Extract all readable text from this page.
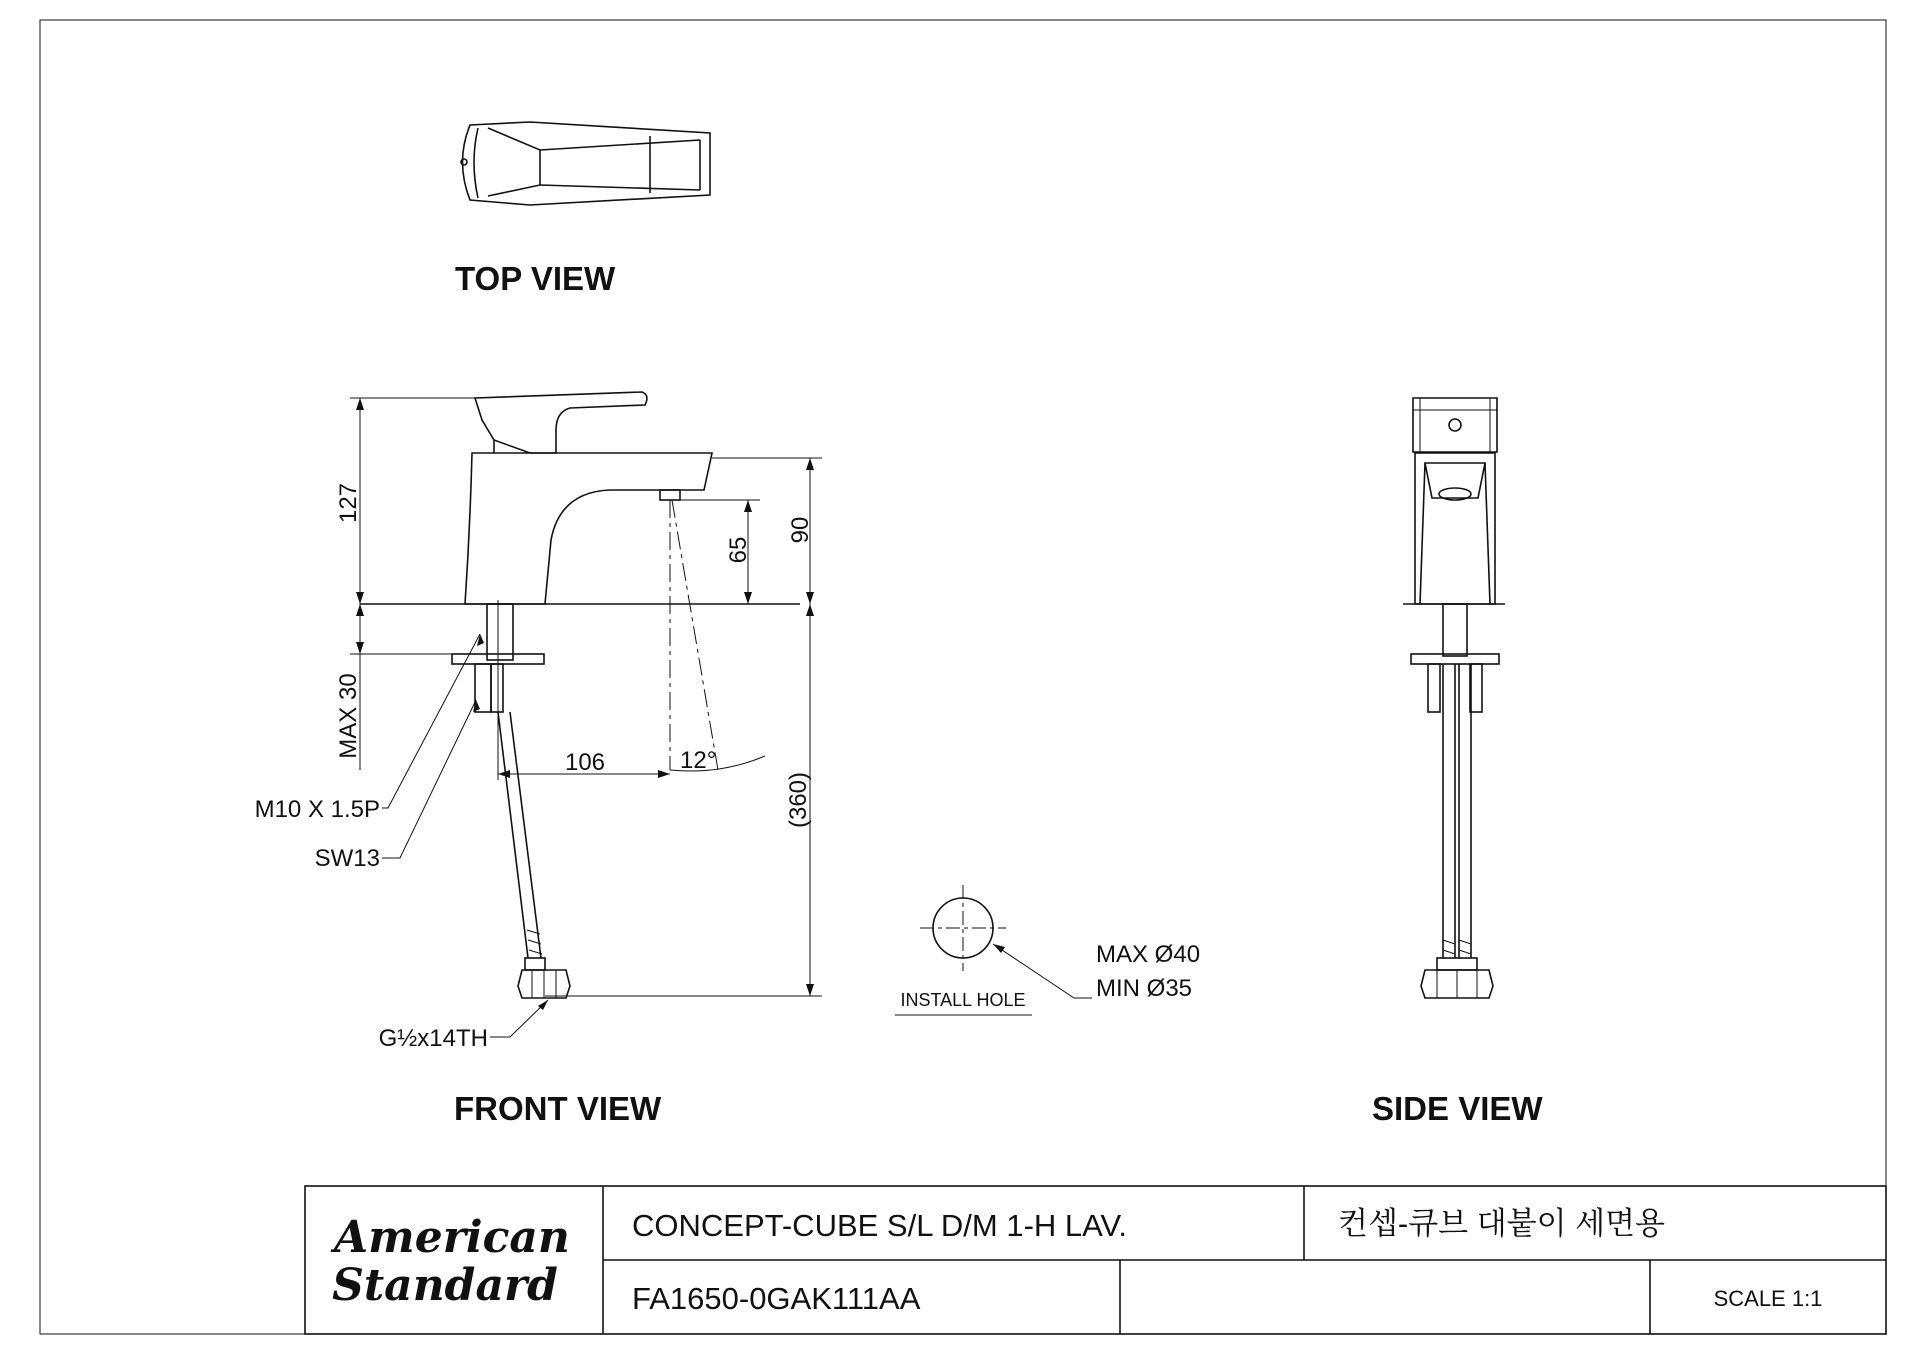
TOP VIEW
127
MAX 30
65
90
(360)
106	12°
M10 X 1.5P
SW13
G½x14TH
FRONT VIEW
INSTALL HOLE
MAX Ø40
MIN Ø35
SIDE VIEW
American
Standard
CONCEPT-CUBE S/L D/M 1-H LAV.	컨셉-큐브 대붙이 세면용
FA1650-0GAK111AA	SCALE 1:1
